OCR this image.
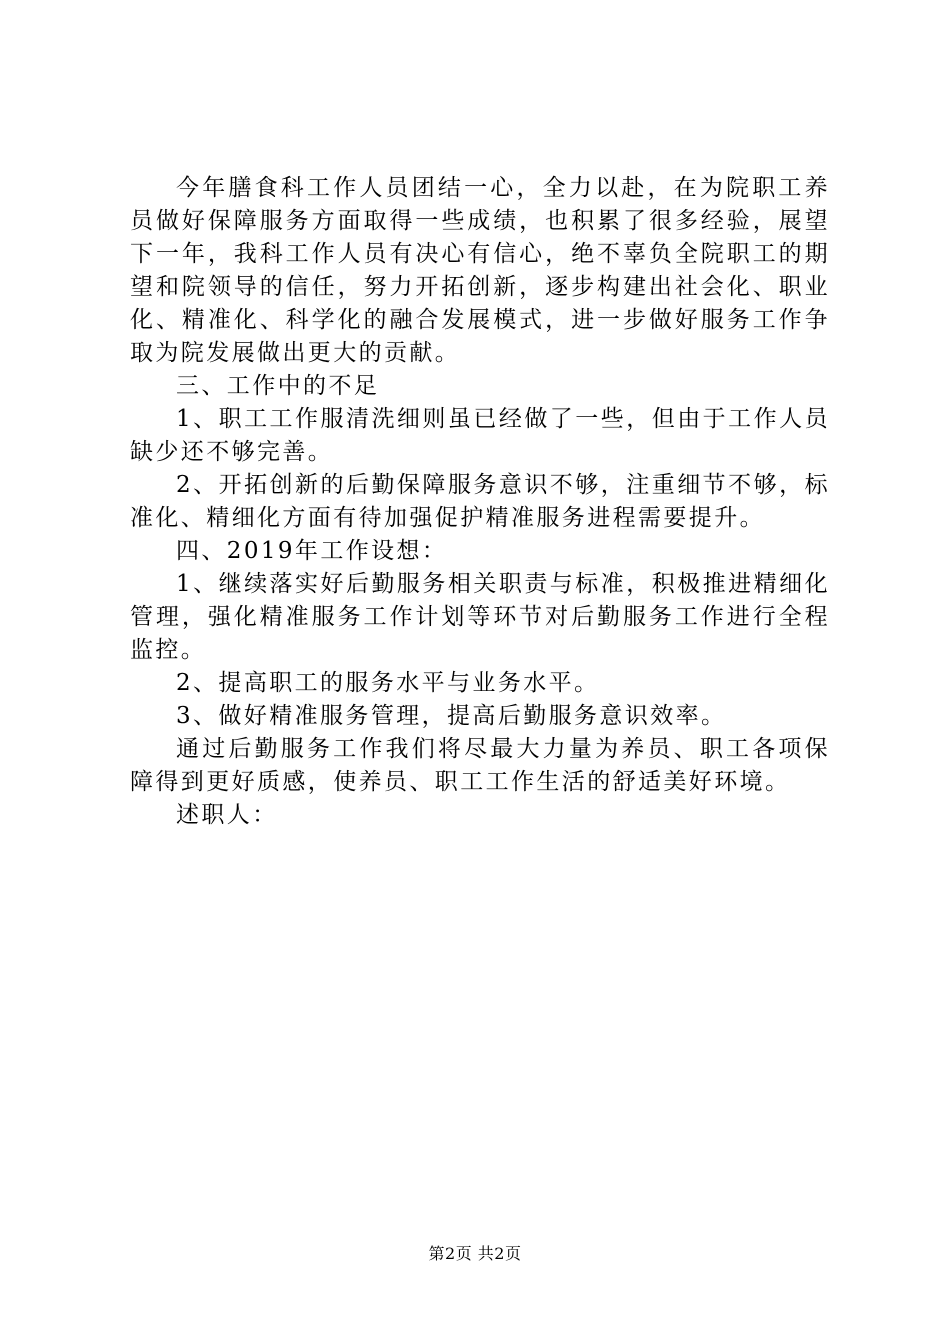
今年膳食科工作人员团结一心，全力以赴，在为院职工养员做好保障服务方面取得一些成绩，也积累了很多经验，展望下一年，我科工作人员有决心有信心，绝不辜负全院职工的期望和院领导的信任，努力开拓创新，逐步构建出社会化、职业化、精准化、科学化的融合发展模式，进一步做好服务工作争取为院发展做出更大的贡献。

三、工作中的不足

1、职工工作服清洗细则虽已经做了一些，但由于工作人员缺少还不够完善。

2、开拓创新的后勤保障服务意识不够，注重细节不够，标准化、精细化方面有待加强促护精准服务进程需要提升。

四、2019年工作设想：

1、继续落实好后勤服务相关职责与标准，积极推进精细化管理，强化精准服务工作计划等环节对后勤服务工作进行全程监控。

2、提高职工的服务水平与业务水平。

3、做好精准服务管理，提高后勤服务意识效率。

通过后勤服务工作我们将尽最大力量为养员、职工各项保障得到更好质感，使养员、职工工作生活的舒适美好环境。

述职人：

第2页 共2页
